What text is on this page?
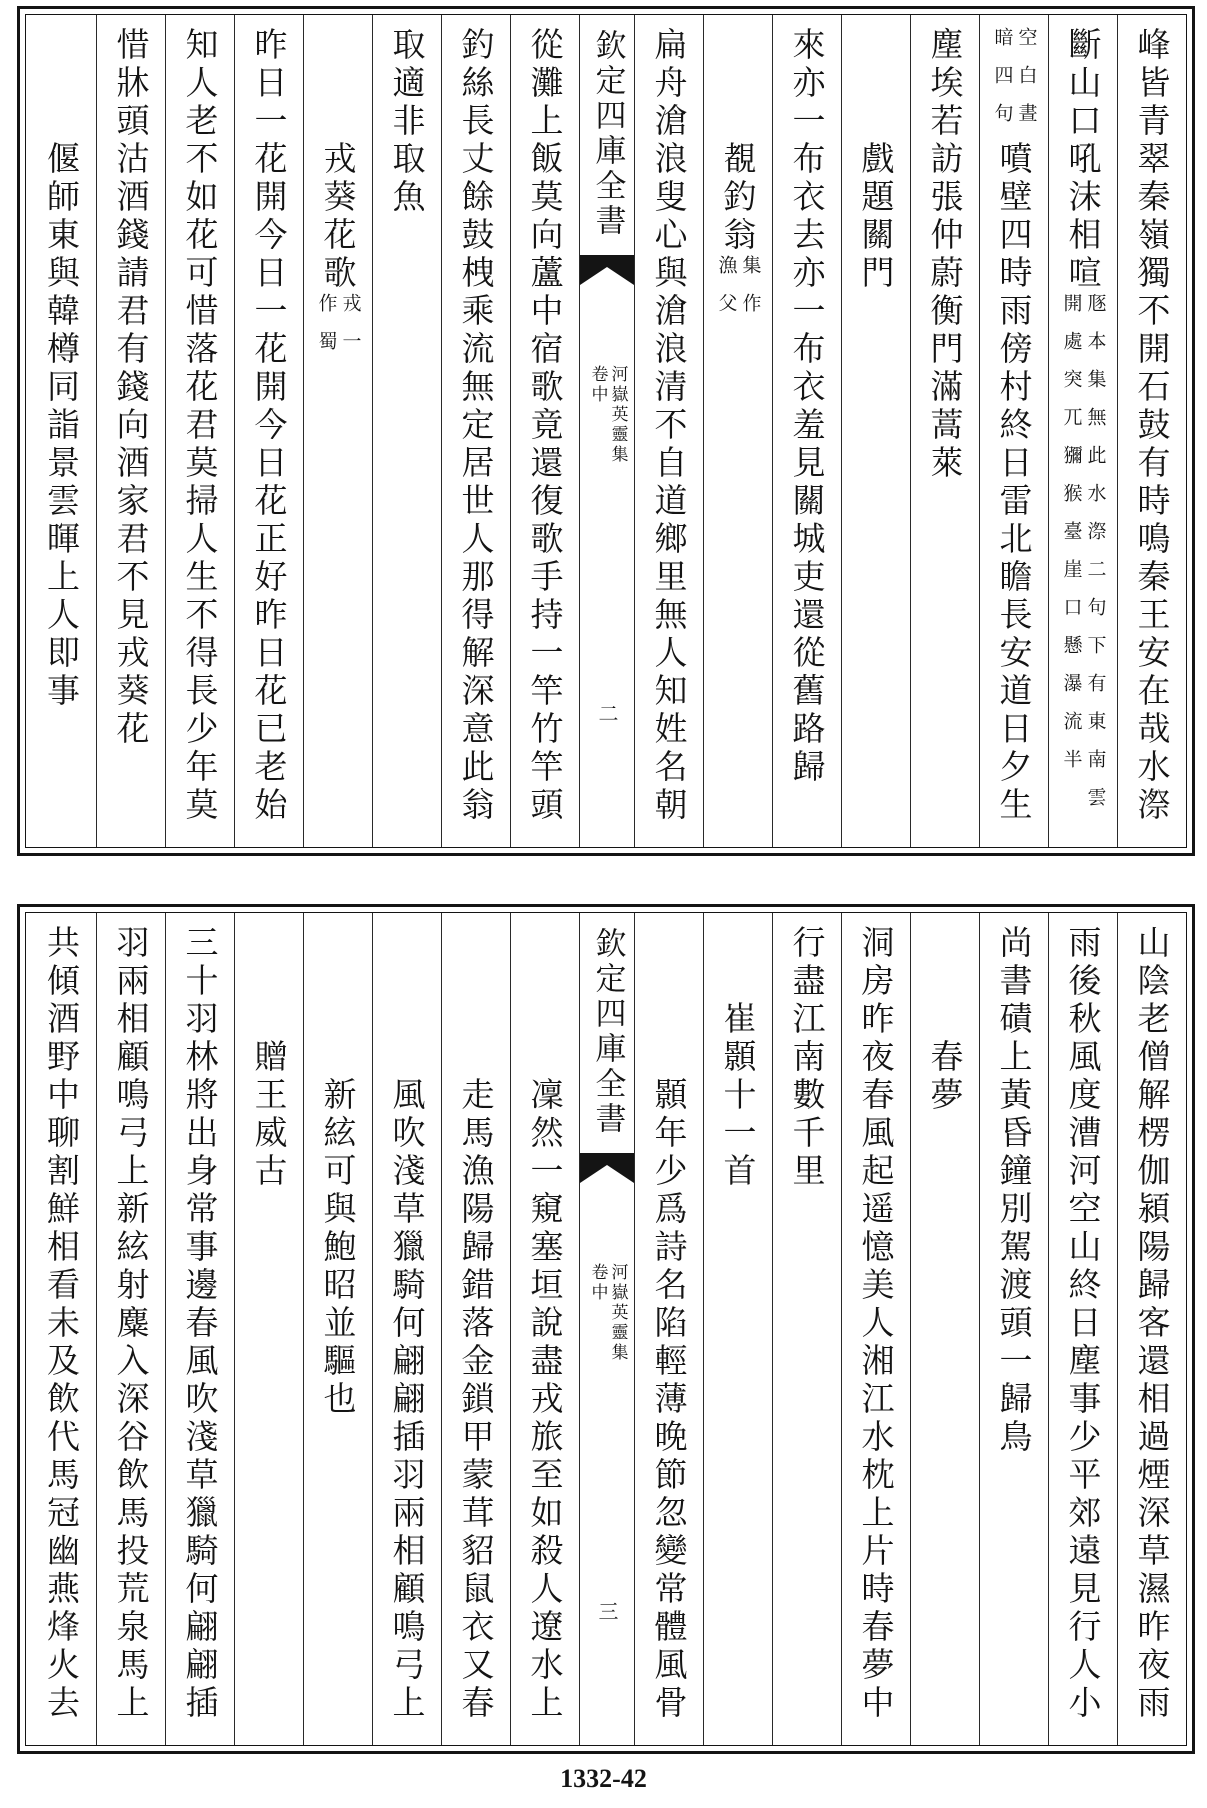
峰皆青翠秦嶺獨不開石鼓有時鳴秦王安在哉水漈
斷山口吼沫相喧
豗本集無此水漈二句下有東南雲
開處突兀獼猴臺崖口懸瀑流半
空白晝
暗四句
噴壁四時雨傍村終日雷北瞻長安道日夕生
塵埃若訪張仲蔚衡門滿蒿萊
戲題關門
來亦一布衣去亦一布衣羞見關城吏還從舊路歸
覩釣翁
集作
漁父
扁舟滄浪叟心與滄浪清不自道鄉里無人知姓名朝
欽定四庫全書
河嶽英靈集
卷中
二
從灘上飯莫向蘆中宿歌竟還復歌手持一竿竹竿頭
釣絲長丈餘鼓栧乘流無定居世人那得解深意此翁
取適非取魚
戎葵花歌
戎一
作蜀
昨日一花開今日一花開今日花正好昨日花已老始
知人老不如花可惜落花君莫掃人生不得長少年莫
惜牀頭沽酒錢請君有錢向酒家君不見戎葵花
偃師東與韓樽同詣景雲暉上人即事
山陰老僧解楞伽潁陽歸客還相過煙深草濕昨夜雨
雨後秋風度漕河空山終日塵事少平郊遠見行人小
尚書磧上黃昏鐘別駕渡頭一歸鳥
春夢
洞房昨夜春風起遥憶美人湘江水枕上片時春夢中
行盡江南數千里
崔顥十一首
顥年少爲詩名陷輕薄晚節忽變常體風骨
欽定四庫全書
河嶽英靈集
卷中
三
凜然一窺塞垣說盡戎旅至如殺人遼水上
走馬漁陽歸錯落金鎖甲蒙茸貂鼠衣又春
風吹淺草獵騎何翩翩插羽兩相顧鳴弓上
新絃可與鮑昭並驅也
贈王威古
三十羽林將出身常事邊春風吹淺草獵騎何翩翩插
羽兩相顧鳴弓上新絃射麋入深谷飲馬投荒泉馬上
共傾酒野中聊割鮮相看未及飲代馬冠幽燕烽火去
1332-42
